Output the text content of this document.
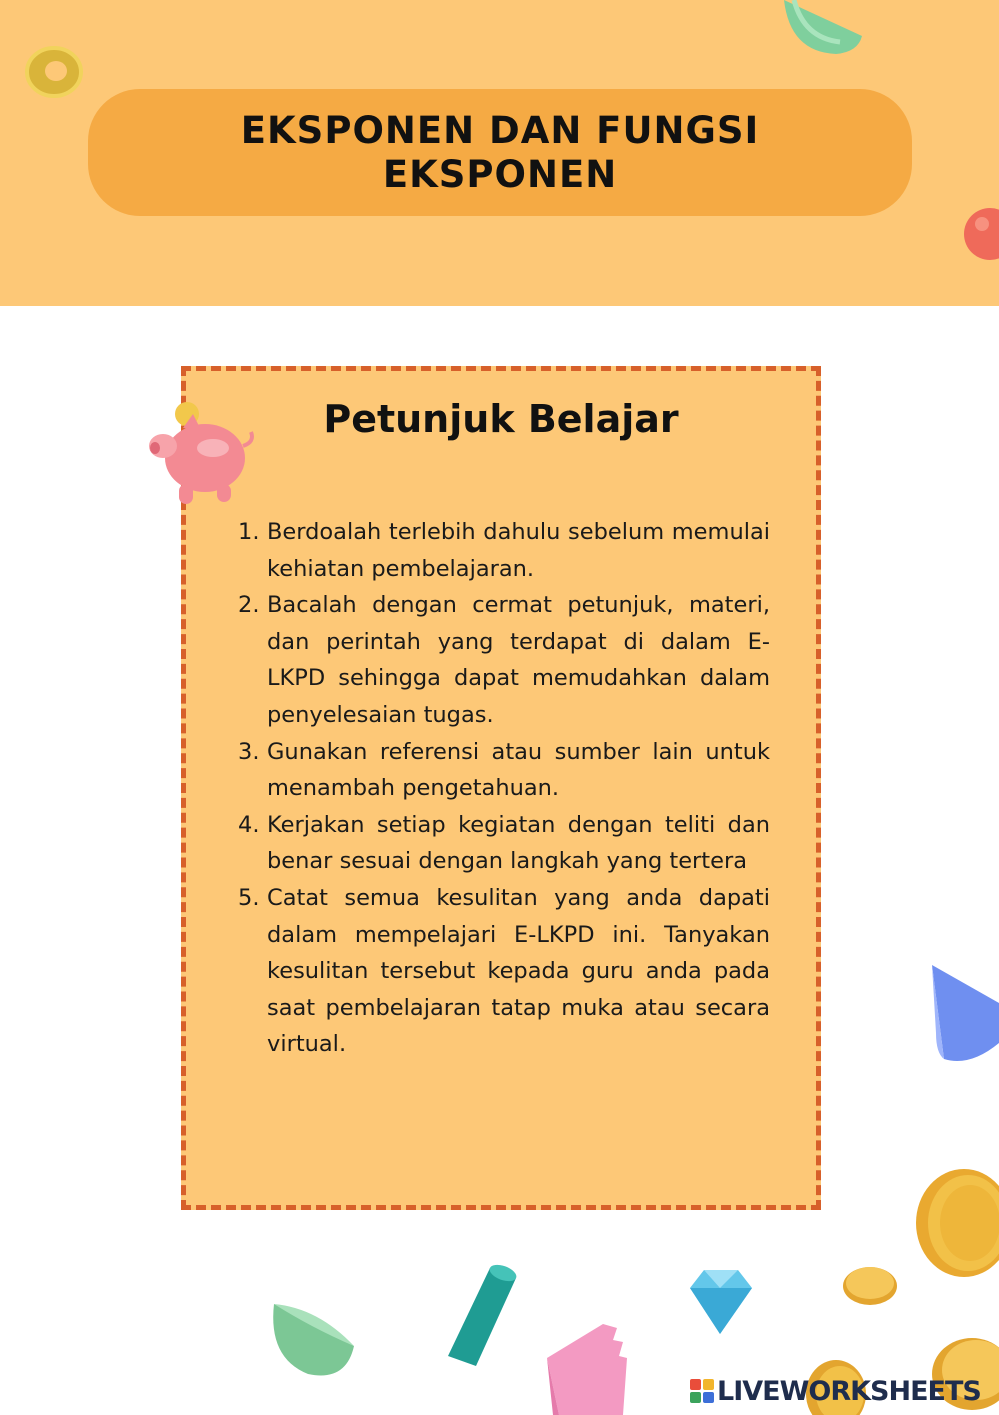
EKSPONEN DAN FUNGSI EKSPONEN
Petunjuk Belajar
1. Berdoalah terlebih dahulu sebelum memulai kehiatan pembelajaran.
2. Bacalah dengan cermat petunjuk, materi, dan perintah yang terdapat di dalam E-LKPD sehingga dapat memudahkan dalam penyelesaian tugas.
3. Gunakan referensi atau sumber lain untuk menambah pengetahuan.
4. Kerjakan setiap kegiatan dengan teliti dan benar sesuai dengan langkah yang tertera
5. Catat semua kesulitan yang anda dapati dalam mempelajari E-LKPD ini. Tanyakan kesulitan tersebut kepada guru anda pada saat pembelajaran tatap muka atau secara virtual.
LIVEWORKSHEETS
